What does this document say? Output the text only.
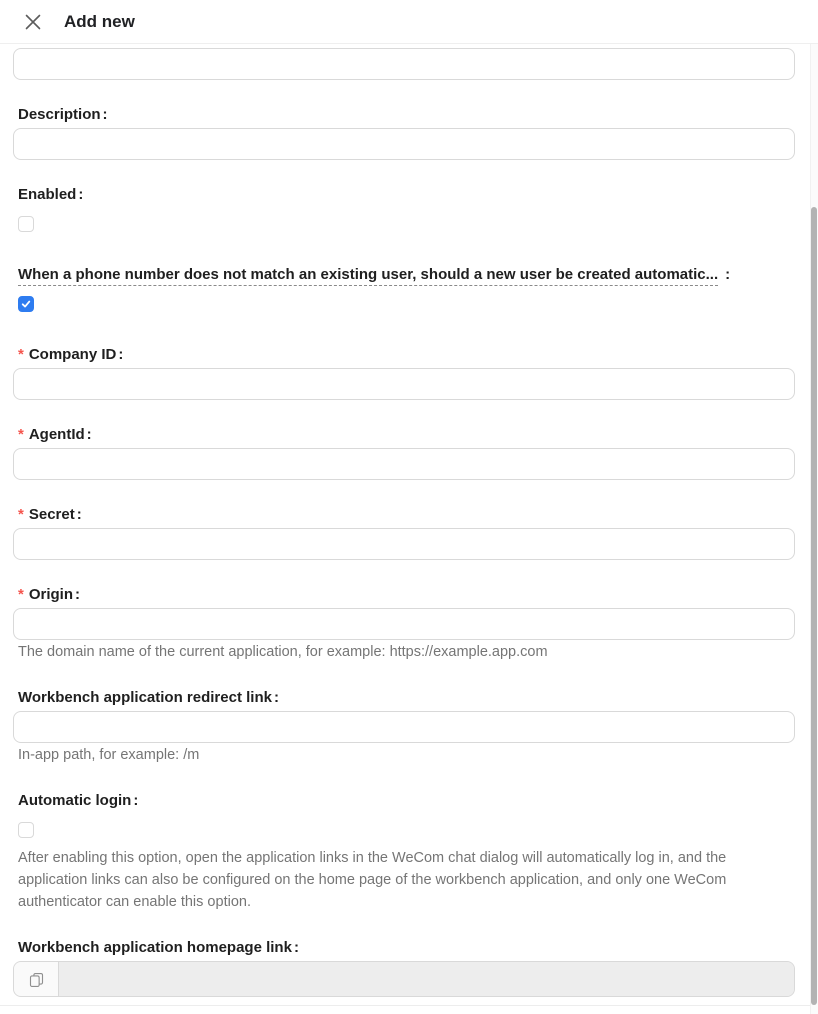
Add new
Description :
Enabled :
When a phone number does not match an existing user, should a new user be created automatic... :
* Company ID :
* AgentId :
* Secret :
* Origin :
The domain name of the current application, for example: https://example.app.com
Workbench application redirect link :
In-app path, for example: /m
Automatic login :
After enabling this option, open the application links in the WeCom chat dialog will automatically log in, and the application links can also be configured on the home page of the workbench application, and only one WeCom authenticator can enable this option.
Workbench application homepage link :
